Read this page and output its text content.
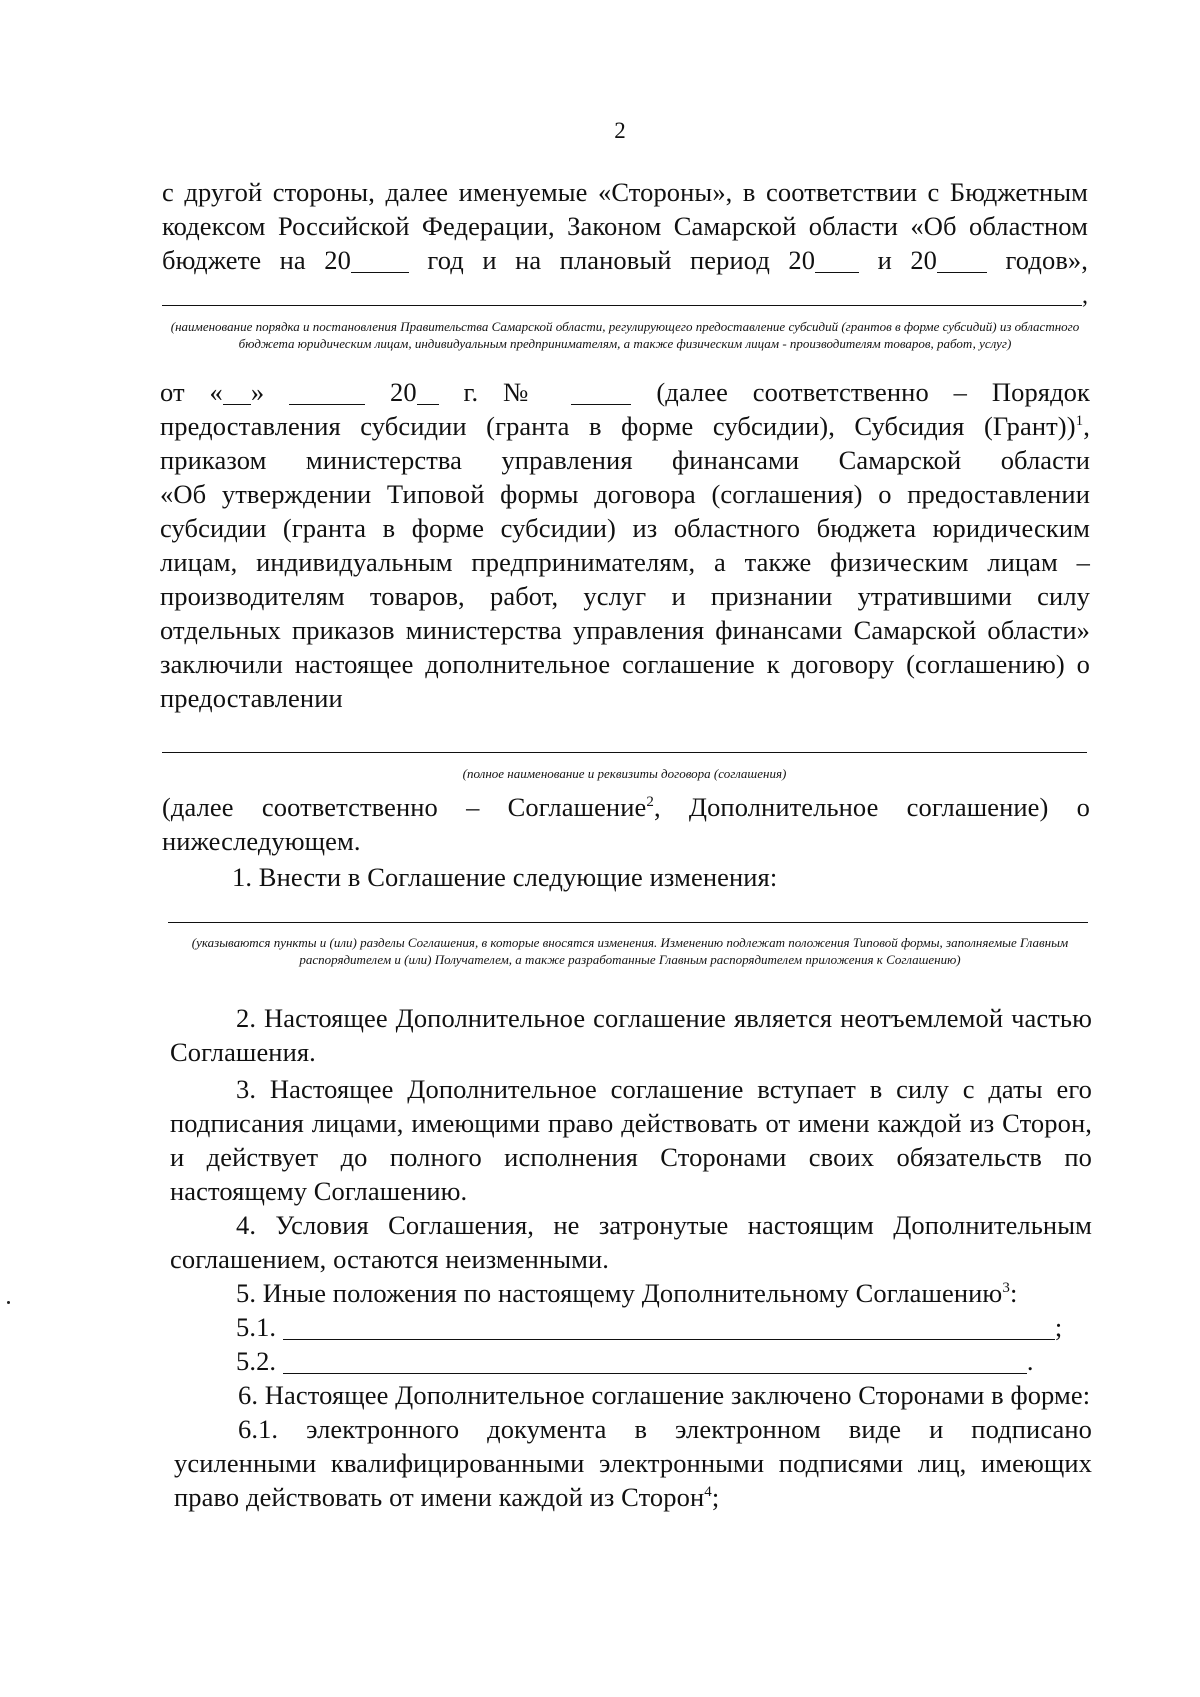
2
с другой стороны, далее именуемые «Стороны», в соответствии с Бюджетным
кодексом Российской Федерации, Законом Самарской области «Об областном
бюджете на 20 год и на плановый период 20 и 20 годов»,
,
(наименование порядка и постановления Правительства Самарской области, регулирующего предоставление субсидий (грантов в форме субсидий) из областного бюджета юридическим лицам, индивидуальным предпринимателям, а также физическим лицам - производителям товаров, работ, услуг)
от « »	20 г. №	(далее соответственно – Порядок
предоставления субсидии (гранта в форме субсидии), Субсидия (Грант))$^1$,
приказом министерства управления финансами Самарской области
«Об утверждении Типовой формы договора (соглашения) о предоставлении
субсидии (гранта в форме субсидии) из областного бюджета юридическим
лицам, индивидуальным предпринимателям, а также физическим лицам –
производителям товаров, работ, услуг и признании утратившими силу
отдельных приказов министерства управления финансами Самарской области»
заключили настоящее дополнительное соглашение к договору (соглашению) о
предоставлении
(полное наименование и реквизиты договора (соглашения)
(далее соответственно – Соглашение$^2$, Дополнительное соглашение) о
нижеследующем.
1. Внести в Соглашение следующие изменения:
(указываются пункты и (или) разделы Соглашения, в которые вносятся изменения. Изменению подлежат положения Типовой формы, заполняемые Главным распорядителем и (или) Получателем, а также разработанные Главным распорядителем приложения к Соглашению)
2. Настоящее Дополнительное соглашение является неотъемлемой частью
Соглашения.
3. Настоящее Дополнительное соглашение вступает в силу с даты его
подписания лицами, имеющими право действовать от имени каждой из Сторон,
и действует до полного исполнения Сторонами своих обязательств по
настоящему Соглашению.
4. Условия Соглашения, не затронутые настоящим Дополнительным
соглашением, остаются неизменными.
5. Иные положения по настоящему Дополнительному Соглашению$^3$:
5.1.	;
5.2.	.
6. Настоящее Дополнительное соглашение заключено Сторонами в форме:
6.1. электронного документа в электронном виде и подписано
усиленными квалифицированными электронными подписями лиц, имеющих
право действовать от имени каждой из Сторон$^4$;
